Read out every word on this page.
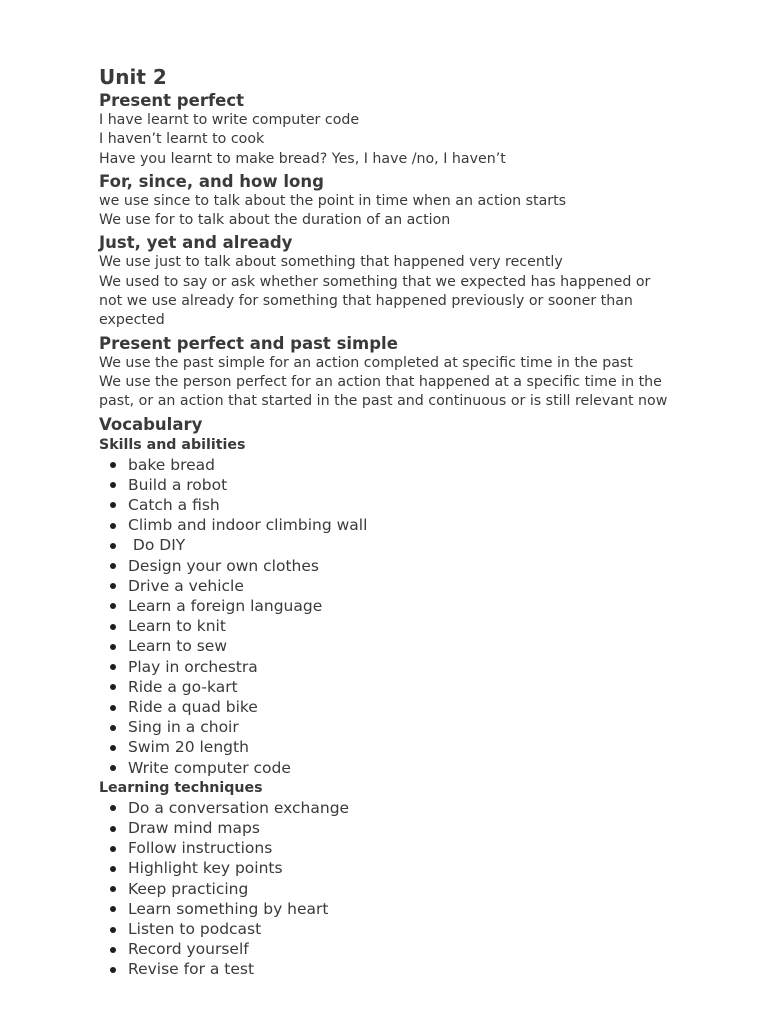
Unit 2
Present perfect

I have learnt to write computer code

I haven’t learnt to cook

Have you learnt to make bread? Yes, I have /no, I haven’t

For, since, and how long

we use since to talk about the point in time when an action starts

We use for to talk about the duration of an action

Just, yet and already

We use just to talk about something that happened very recently

We used to say or ask whether something that we expected has happened or not we use already for something that happened previously or sooner than expected

Present perfect and past simple

We use the past simple for an action completed at specific time in the past

We use the person perfect for an action that happened at a specific time in the past, or an action that started in the past and continuous or is still relevant now

Vocabulary
Skills and abilities
bake bread
Build a robot
Catch a fish
Climb and indoor climbing wall
Do DIY
Design your own clothes
Drive a vehicle
Learn a foreign language
Learn to knit
Learn to sew
Play in orchestra
Ride a go-kart
Ride a quad bike
Sing in a choir
Swim 20 length
Write computer code
Learning techniques
Do a conversation exchange
Draw mind maps
Follow instructions
Highlight key points
Keep practicing
Learn something by heart
Listen to podcast
Record yourself
Revise for a test
